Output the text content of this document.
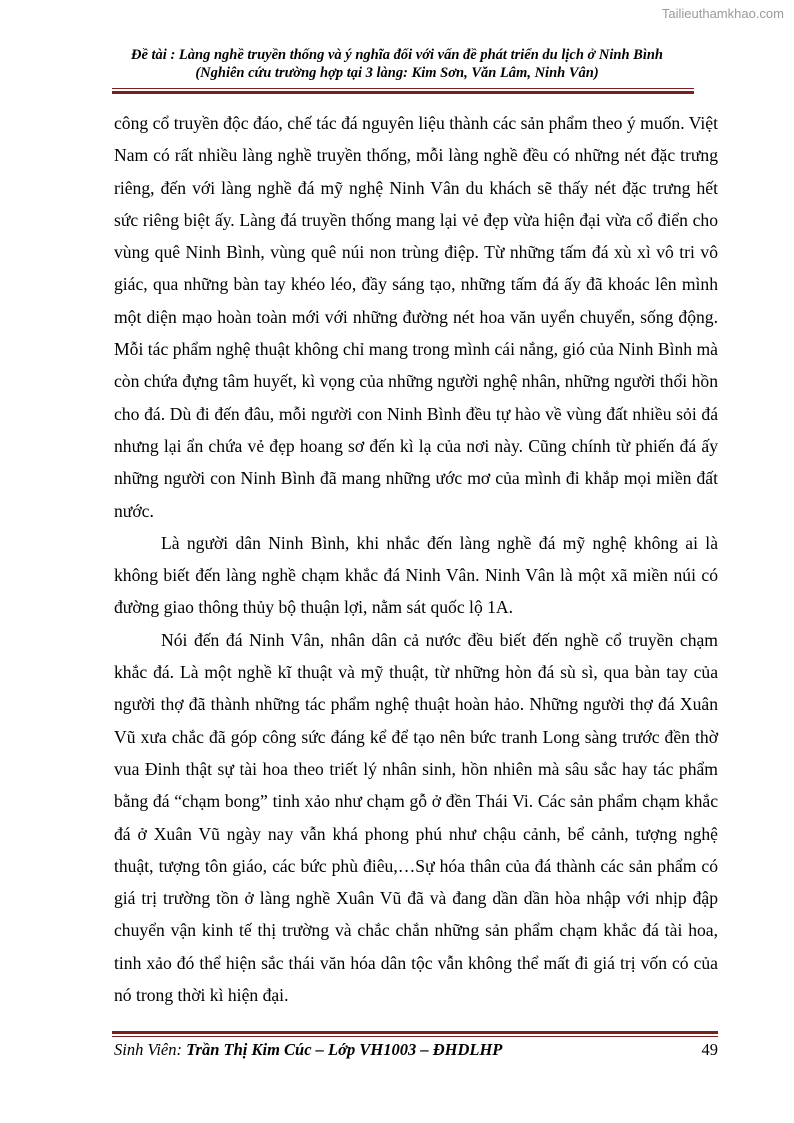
Tailieuthamkhao.com
Đề tài : Làng nghề truyền thống và ý nghĩa đối với vấn đề phát triển du lịch ở Ninh Bình
(Nghiên cứu trường hợp tại 3 làng: Kim Sơn, Văn Lâm, Ninh Vân)

công cổ truyền độc đáo, chế tác đá nguyên liệu thành các sản phẩm theo ý muốn. Việt Nam có rất nhiều làng nghề truyền thống, mỗi làng nghề đều có những nét đặc trưng riêng, đến với làng nghề đá mỹ nghệ Ninh Vân du khách sẽ thấy nét đặc trưng hết sức riêng biệt ấy. Làng đá truyền thống mang lại vẻ đẹp vừa hiện đại vừa cổ điển cho vùng quê Ninh Bình, vùng quê núi non trùng điệp. Từ những tấm đá xù xì vô tri vô giác, qua những bàn tay khéo léo, đầy sáng tạo, những tấm đá ấy đã khoác lên mình một diện mạo hoàn toàn mới với những đường nét hoa văn uyển chuyển, sống động. Mỗi tác phẩm nghệ thuật không chỉ mang trong mình cái nắng, gió của Ninh Bình mà còn chứa đựng tâm huyết, kì vọng của những người nghệ nhân, những người thổi hồn cho đá. Dù đi đến đâu, mỗi người con Ninh Bình đều tự hào về vùng đất nhiều sỏi đá nhưng lại ẩn chứa vẻ đẹp hoang sơ đến kì lạ của nơi này. Cũng chính từ phiến đá ấy những người con Ninh Bình đã mang những ước mơ của mình đi khắp mọi miền đất nước.

Là người dân Ninh Bình, khi nhắc đến làng nghề đá mỹ nghệ không ai là không biết đến làng nghề chạm khắc đá Ninh Vân. Ninh Vân là một xã miền núi có đường giao thông thủy bộ thuận lợi, nằm sát quốc lộ 1A.

Nói đến đá Ninh Vân, nhân dân cả nước đều biết đến nghề cổ truyền chạm khắc đá. Là một nghề kĩ thuật và mỹ thuật, từ những hòn đá sù sì, qua bàn tay của người thợ đã thành những tác phẩm nghệ thuật hoàn hảo. Những người thợ đá Xuân Vũ xưa chắc đã góp công sức đáng kể để tạo nên bức tranh Long sàng trước đền thờ vua Đinh thật sự tài hoa theo triết lý nhân sinh, hồn nhiên mà sâu sắc hay tác phẩm bằng đá “chạm bong” tinh xảo như chạm gỗ ở đền Thái Vi. Các sản phẩm chạm khắc đá ở Xuân Vũ ngày nay vẫn khá phong phú như chậu cảnh, bể cảnh, tượng nghệ thuật, tượng tôn giáo, các bức phù điêu,…Sự hóa thân của đá thành các sản phẩm có giá trị trường tồn ở làng nghề Xuân Vũ đã và đang dần dần hòa nhập với nhịp đập chuyển vận kinh tế thị trường và chắc chắn những sản phẩm chạm khắc đá tài hoa, tinh xảo đó thể hiện sắc thái văn hóa dân tộc vẫn không thể mất đi giá trị vốn có của nó trong thời kì hiện đại.

Sinh Viên: Trần Thị Kim Cúc – Lớp VH1003 – ĐHDLHP	49
